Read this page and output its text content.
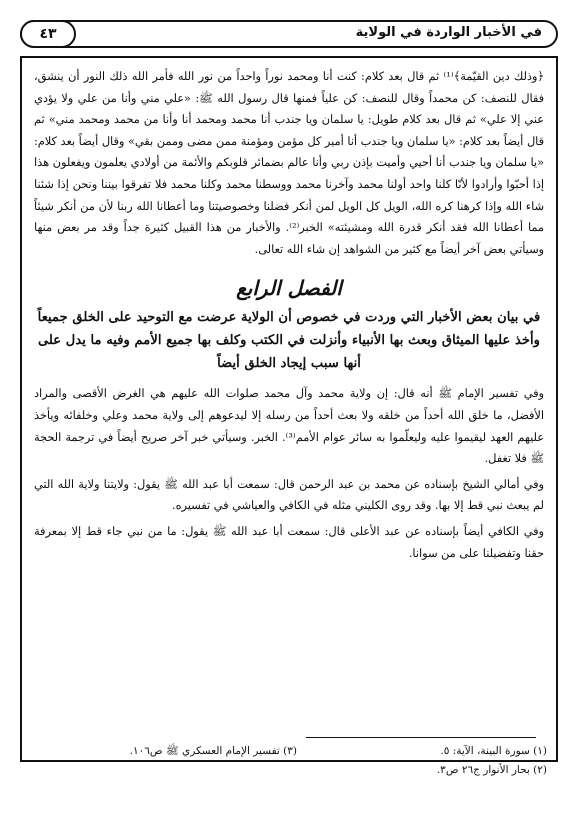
في الأخبار الواردة في الولاية
٤٣

﴿وذلك دين القيّمة﴾⁽¹⁾ ثم قال بعد كلام: كنت أنا ومحمد نوراً واحداً من نور الله فأمر الله ذلك النور أن ينشق، فقال للنصف: كن محمداً وقال للنصف: كن علياً فمنها قال رسول الله ﷺ: «علي مني وأنا من علي ولا يؤدي عني إلا علي» ثم قال بعد كلام طويل: يا سلمان ويا جندب أنا محمد ومحمد أنا وأنا من محمد ومحمد مني» ثم قال أيضاً بعد كلام: «يا سلمان ويا جندب أنا أمير كل مؤمن ومؤمنة ممن مضى وممن بقي» وقال أيضاً بعد كلام: «يا سلمان ويا جندب أنا أحيي وأميت بإذن ربي وأنا عالم بضمائر قلوبكم والأئمة من أولادي يعلمون ويفعلون هذا إذا أحبّوا وأرادوا لأنّا كلنا واحد أولنا محمد وآخرنا محمد ووسطنا محمد وكلنا محمد فلا تفرقوا بيننا ونحن إذا شئنا شاء الله وإذا كرهنا كره الله، الويل كل الويل لمن أنكر فضلنا وخصوصيتنا وما أعطانا الله ربنا لأن من أنكر شيئاً مما أعطانا الله فقد أنكر قدرة الله ومشيئته» الخبر⁽²⁾. والأخبار من هذا القبيل كثيرة جداً وقد مر بعض منها وسيأتي بعض آخر أيضاً مع كثير من الشواهد إن شاء الله تعالى.

الفصل الرابع
في بيان بعض الأخبار التي وردت في خصوص أن الولاية عرضت مع التوحيد على الخلق جميعاً وأخذ عليها الميثاق وبعث بها الأنبياء وأنزلت في الكتب وكلف بها جميع الأمم وفيه ما يدل على أنها سبب إيجاد الخلق أيضاً

وفي تفسير الإمام ﷺ أنه قال: إن ولاية محمد وآل محمد صلوات الله عليهم هي الغرض الأقصى والمراد الأفضل، ما خلق الله أحداً من خلقه ولا بعث أحداً من رسله إلا ليدعوهم إلى ولاية محمد وعلي وخلفائه ويأخذ عليهم العهد ليقيموا عليه وليعلّموا به سائر عوام الأمم⁽³⁾. الخبر. وسيأتي خبر آخر صريح أيضاً في ترجمة الحجة ﷺ فلا تغفل.

وفي أمالي الشيخ بإسناده عن محمد بن عبد الرحمن قال: سمعت أبا عبد الله ﷺ يقول: ولايتنا ولاية الله التي لم يبعث نبي قط إلا بها. وقد روى الكليني مثله في الكافي والعياشي في تفسيره.

وفي الكافي أيضاً بإسناده عن عبد الأعلى قال: سمعت أبا عبد الله ﷺ يقول: ما من نبي جاء قط إلا بمعرفة حقنا وتفضيلنا على من سوانا.

(١) سورة البينة، الآية: ٥.
(٢) بحار الأنوار ج٢٦ ص٣.
(٣) تفسير الإمام العسكري ﷺ ص١٠٦.
